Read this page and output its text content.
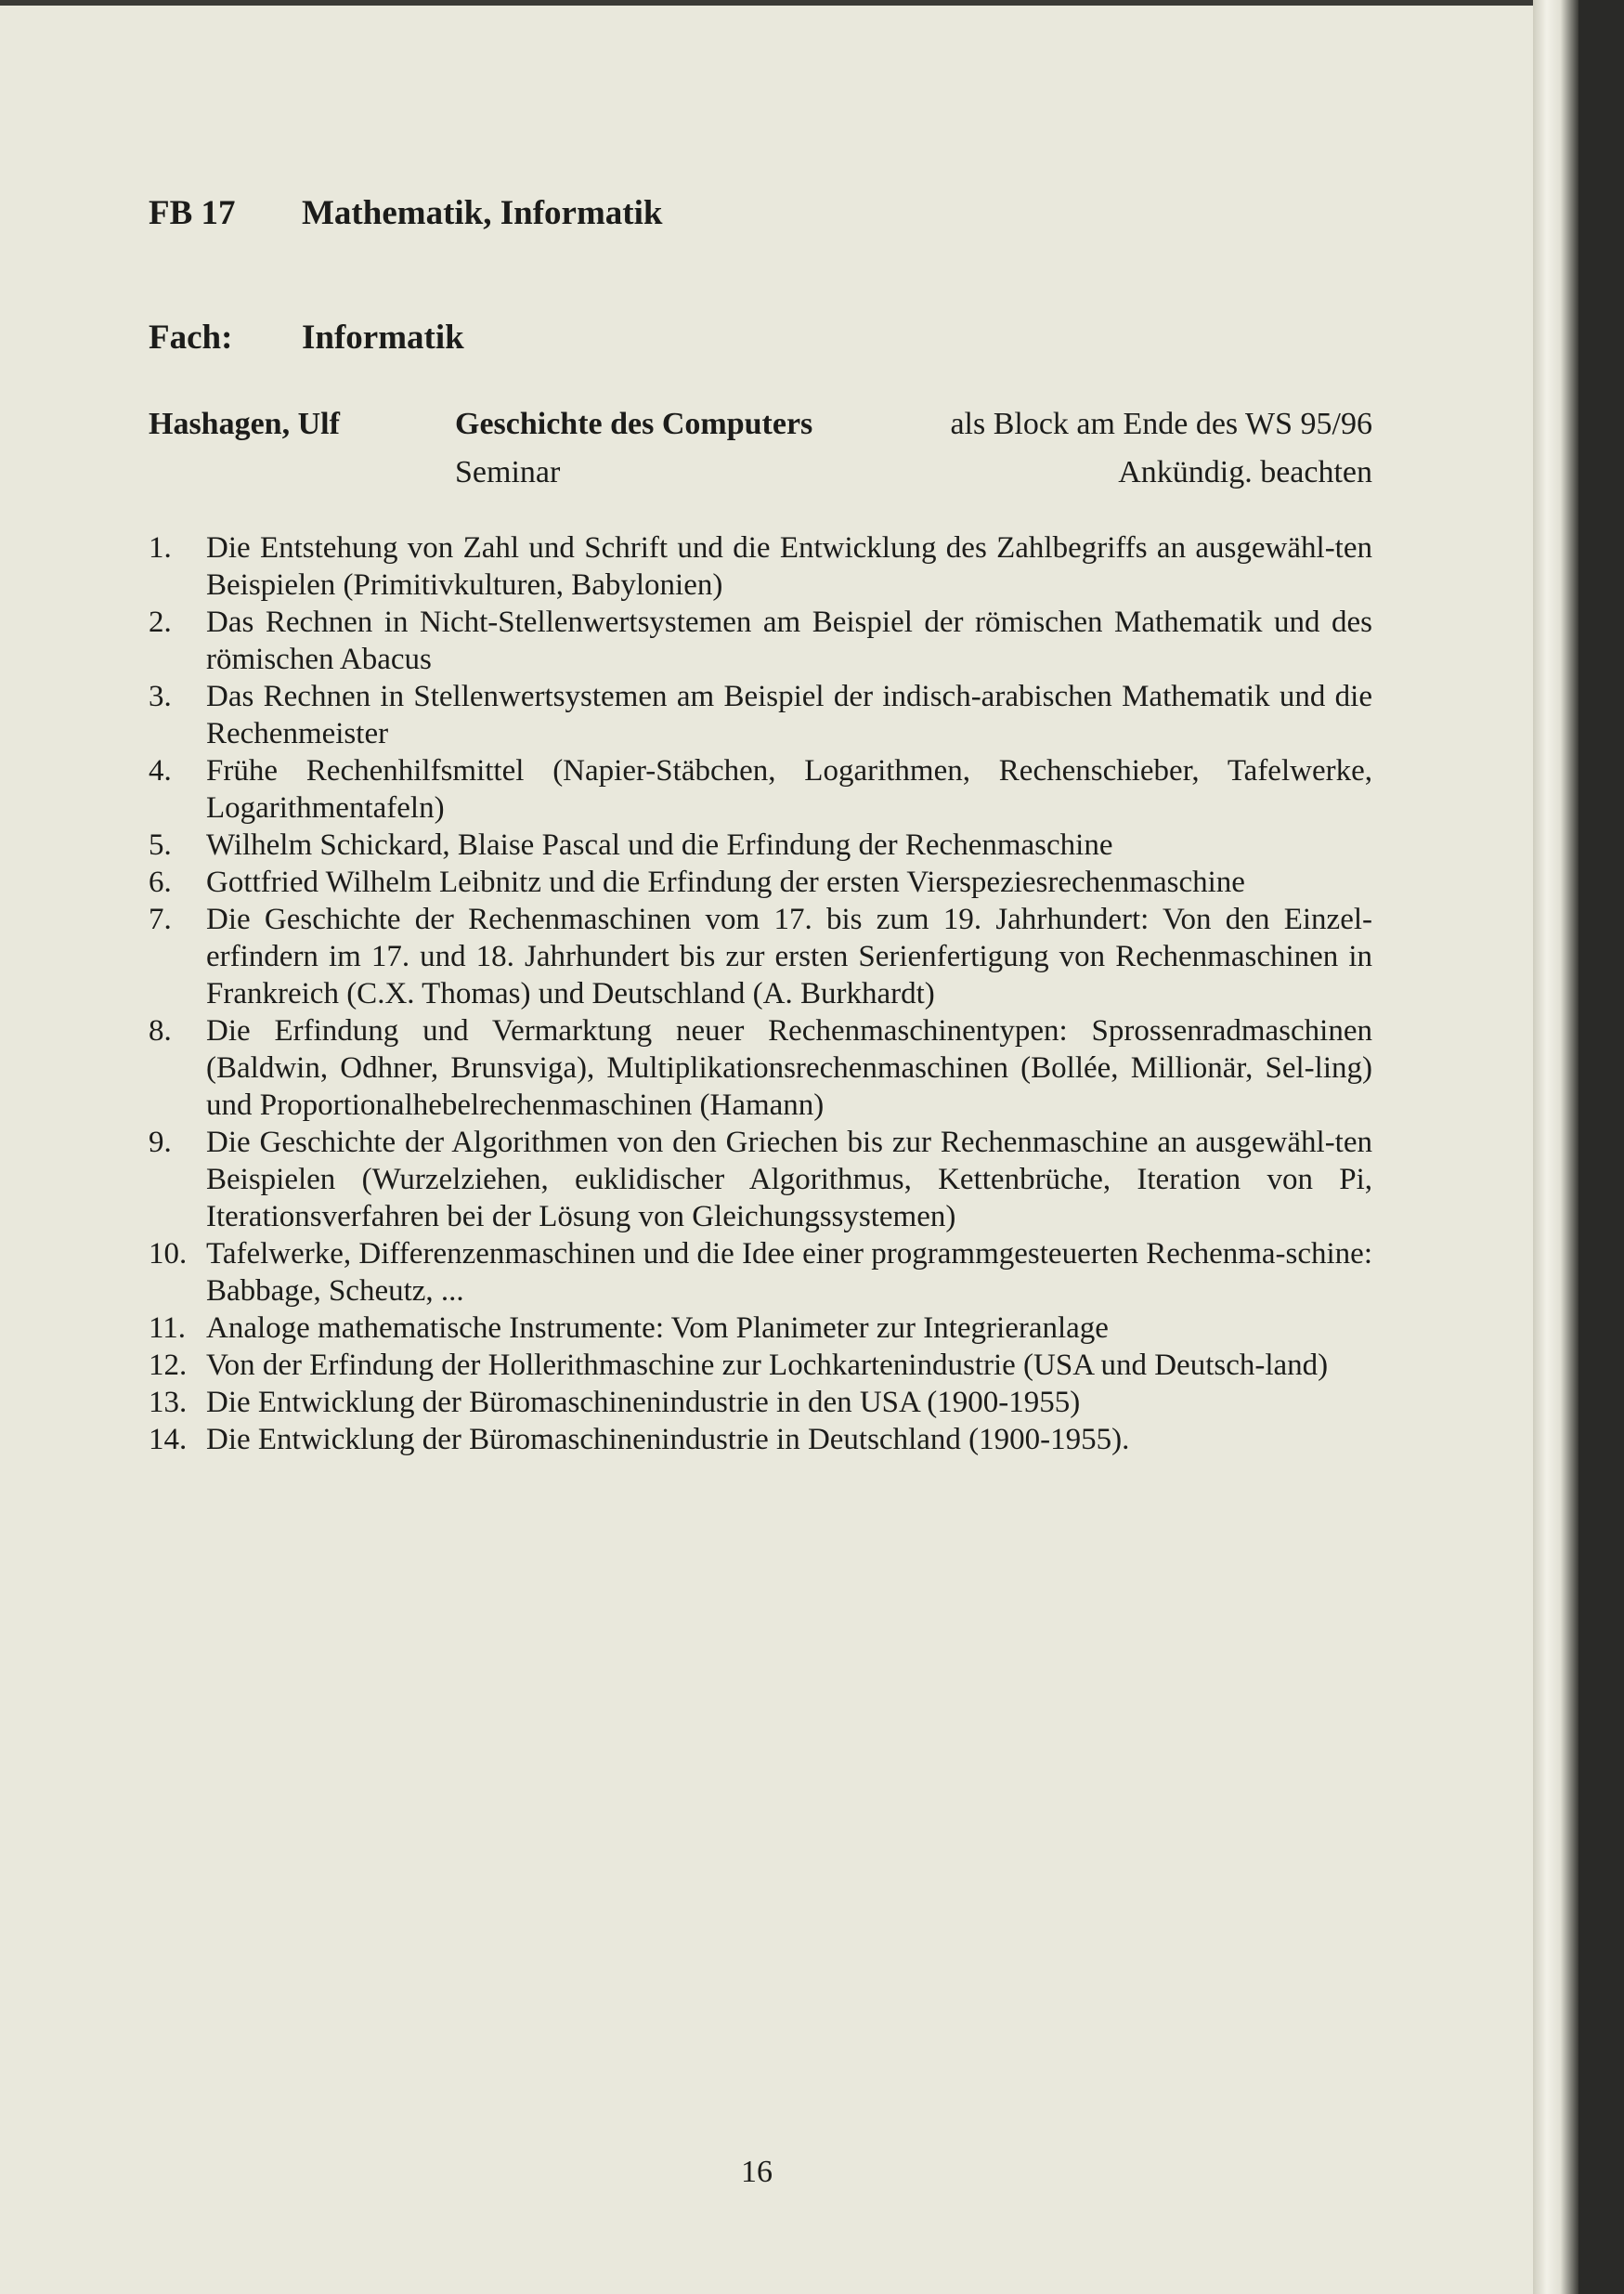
FB 17 Mathematik, Informatik
Fach: Informatik
Hashagen, Ulf	Geschichte des Computers	als Block am Ende des WS 95/96
Seminar	Ankündig. beachten
1. Die Entstehung von Zahl und Schrift und die Entwicklung des Zahlbegriffs an ausgewähl-ten Beispielen (Primitivkulturen, Babylonien)
2. Das Rechnen in Nicht-Stellenwertsystemen am Beispiel der römischen Mathematik und des römischen Abacus
3. Das Rechnen in Stellenwertsystemen am Beispiel der indisch-arabischen Mathematik und die Rechenmeister
4. Frühe Rechenhilfsmittel (Napier-Stäbchen, Logarithmen, Rechenschieber, Tafelwerke, Logarithmentafeln)
5. Wilhelm Schickard, Blaise Pascal und die Erfindung der Rechenmaschine
6. Gottfried Wilhelm Leibnitz und die Erfindung der ersten Vierspeziesrechenmaschine
7. Die Geschichte der Rechenmaschinen vom 17. bis zum 19. Jahrhundert: Von den Einzel-erfindern im 17. und 18. Jahrhundert bis zur ersten Serienfertigung von Rechenmaschinen in Frankreich (C.X. Thomas) und Deutschland (A. Burkhardt)
8. Die Erfindung und Vermarktung neuer Rechenmaschinentypen: Sprossenradmaschinen (Baldwin, Odhner, Brunsviga), Multiplikationsrechenmaschinen (Bollée, Millionär, Sel-ling) und Proportionalhebelrechenmaschinen (Hamann)
9. Die Geschichte der Algorithmen von den Griechen bis zur Rechenmaschine an ausgewähl-ten Beispielen (Wurzelziehen, euklidischer Algorithmus, Kettenbrüche, Iteration von Pi, Iterationsverfahren bei der Lösung von Gleichungssystemen)
10. Tafelwerke, Differenzenmaschinen und die Idee einer programmgesteuerten Rechenma-schine: Babbage, Scheutz, ...
11. Analoge mathematische Instrumente: Vom Planimeter zur Integrieranlage
12. Von der Erfindung der Hollerithmaschine zur Lochkartenindustrie (USA und Deutsch-land)
13. Die Entwicklung der Büromaschinenindustrie in den USA (1900-1955)
14. Die Entwicklung der Büromaschinenindustrie in Deutschland (1900-1955).
16
